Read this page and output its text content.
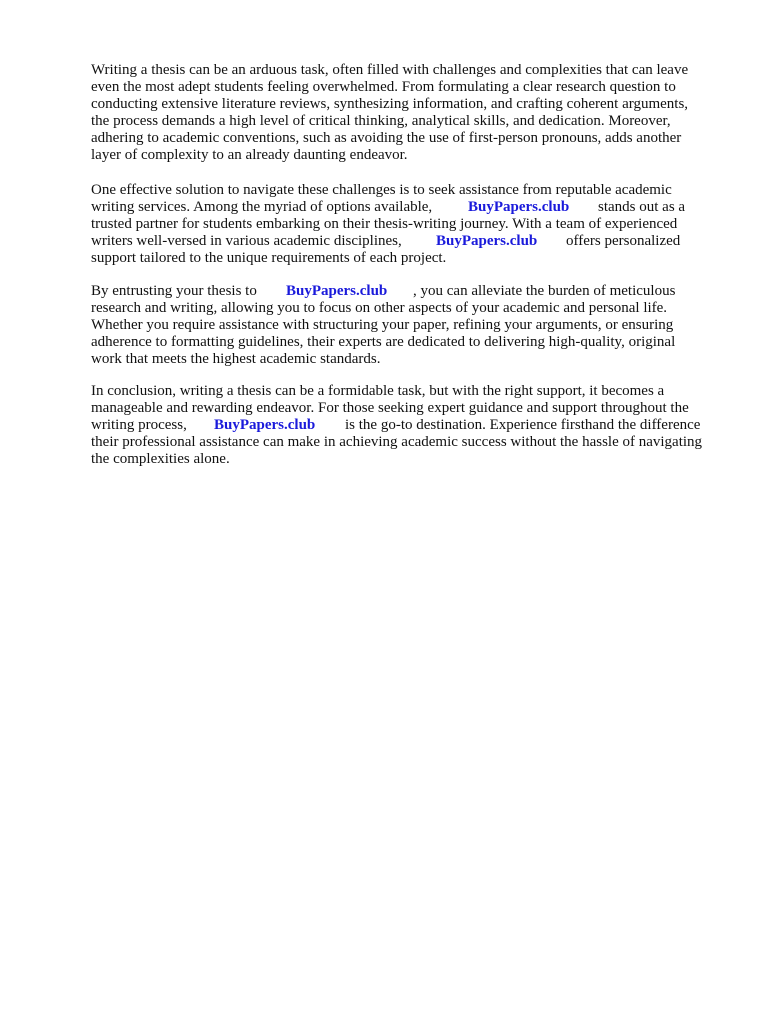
Writing a thesis can be an arduous task, often filled with challenges and complexities that can leave
even the most adept students feeling overwhelmed. From formulating a clear research question to
conducting extensive literature reviews, synthesizing information, and crafting coherent arguments,
the process demands a high level of critical thinking, analytical skills, and dedication. Moreover,
adhering to academic conventions, such as avoiding the use of first-person pronouns, adds another
layer of complexity to an already daunting endeavor.
One effective solution to navigate these challenges is to seek assistance from reputable academic
writing services. Among the myriad of options available, BuyPapers.club stands out as a
trusted partner for students embarking on their thesis-writing journey. With a team of experienced
writers well-versed in various academic disciplines, BuyPapers.club offers personalized
support tailored to the unique requirements of each project.
By entrusting your thesis to BuyPapers.club , you can alleviate the burden of meticulous
research and writing, allowing you to focus on other aspects of your academic and personal life.
Whether you require assistance with structuring your paper, refining your arguments, or ensuring
adherence to formatting guidelines, their experts are dedicated to delivering high-quality, original
work that meets the highest academic standards.
In conclusion, writing a thesis can be a formidable task, but with the right support, it becomes a
manageable and rewarding endeavor. For those seeking expert guidance and support throughout the
writing process, BuyPapers.club is the go-to destination. Experience firsthand the difference
their professional assistance can make in achieving academic success without the hassle of navigating
the complexities alone.
